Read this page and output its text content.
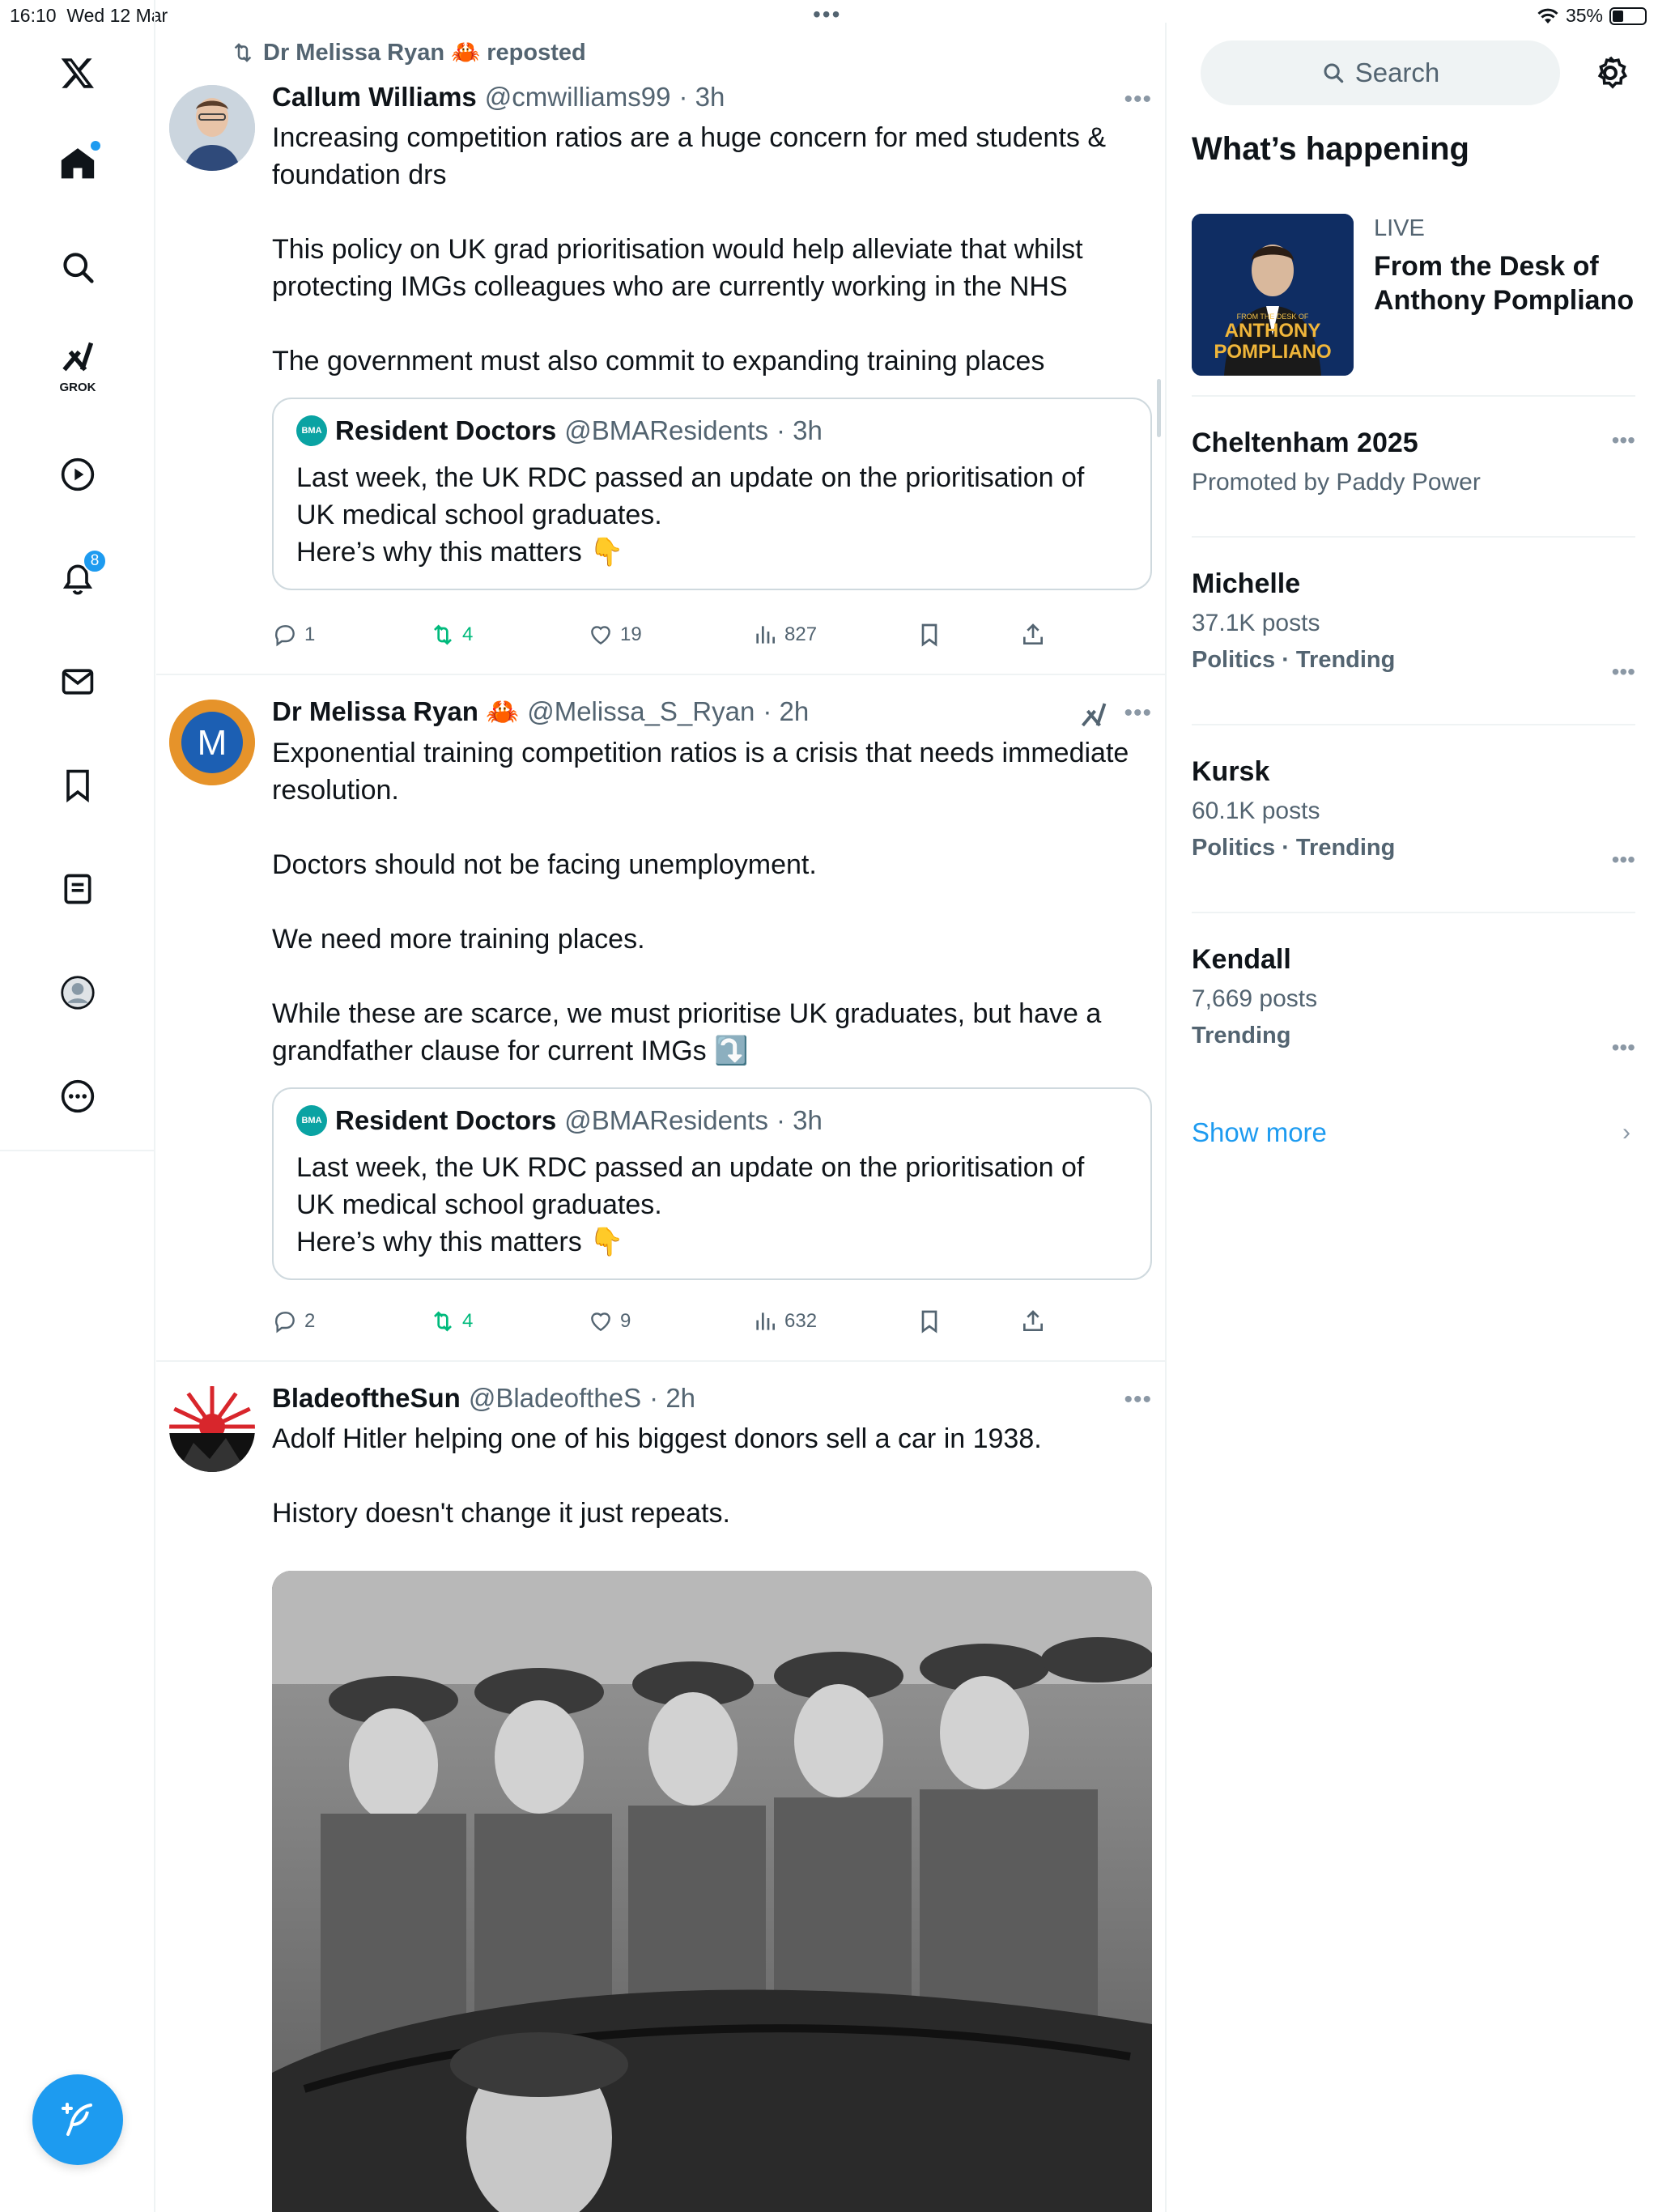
16:10 Wed 12 Mar	•••	35%
GROK
8
Dr Melissa Ryan 🦀 reposted
Callum Williams @cmwilliams99 · 3h

Increasing competition ratios are a huge concern for med students & foundation drs

This policy on UK grad prioritisation would help alleviate that whilst protecting IMGs colleagues who are currently working in the NHS

The government must also commit to expanding training places

BMA Resident Doctors @BMAResidents · 3h
Last week, the UK RDC passed an update on the prioritisation of UK medical school graduates.
Here’s why this matters 👇
•••
1	4	19	827
M
Dr Melissa Ryan 🦀 @Melissa_S_Ryan · 2h

Exponential training competition ratios is a crisis that needs immediate resolution.

Doctors should not be facing unemployment.

We need more training places.

While these are scarce, we must prioritise UK graduates, but have a grandfather clause for current IMGs ⤵️

BMA Resident Doctors @BMAResidents · 3h
Last week, the UK RDC passed an update on the prioritisation of UK medical school graduates.
Here’s why this matters 👇
•••
2	4	9	632
BladeoftheSun @BladeoftheS · 2h

Adolf Hitler helping one of his biggest donors sell a car in 1938.

History doesn't change it just repeats.

•••
Search
What’s happening
FROM THE DESK OF
ANTHONY
POMPLIANO
LIVE
From the Desk of Anthony Pompliano
Cheltenham 2025
Promoted by Paddy Power
•••
Michelle
37.1K posts
Politics · Trending	•••
Kursk
60.1K posts
Politics · Trending	•••
Kendall
7,669 posts
Trending	•••
Show more	›
